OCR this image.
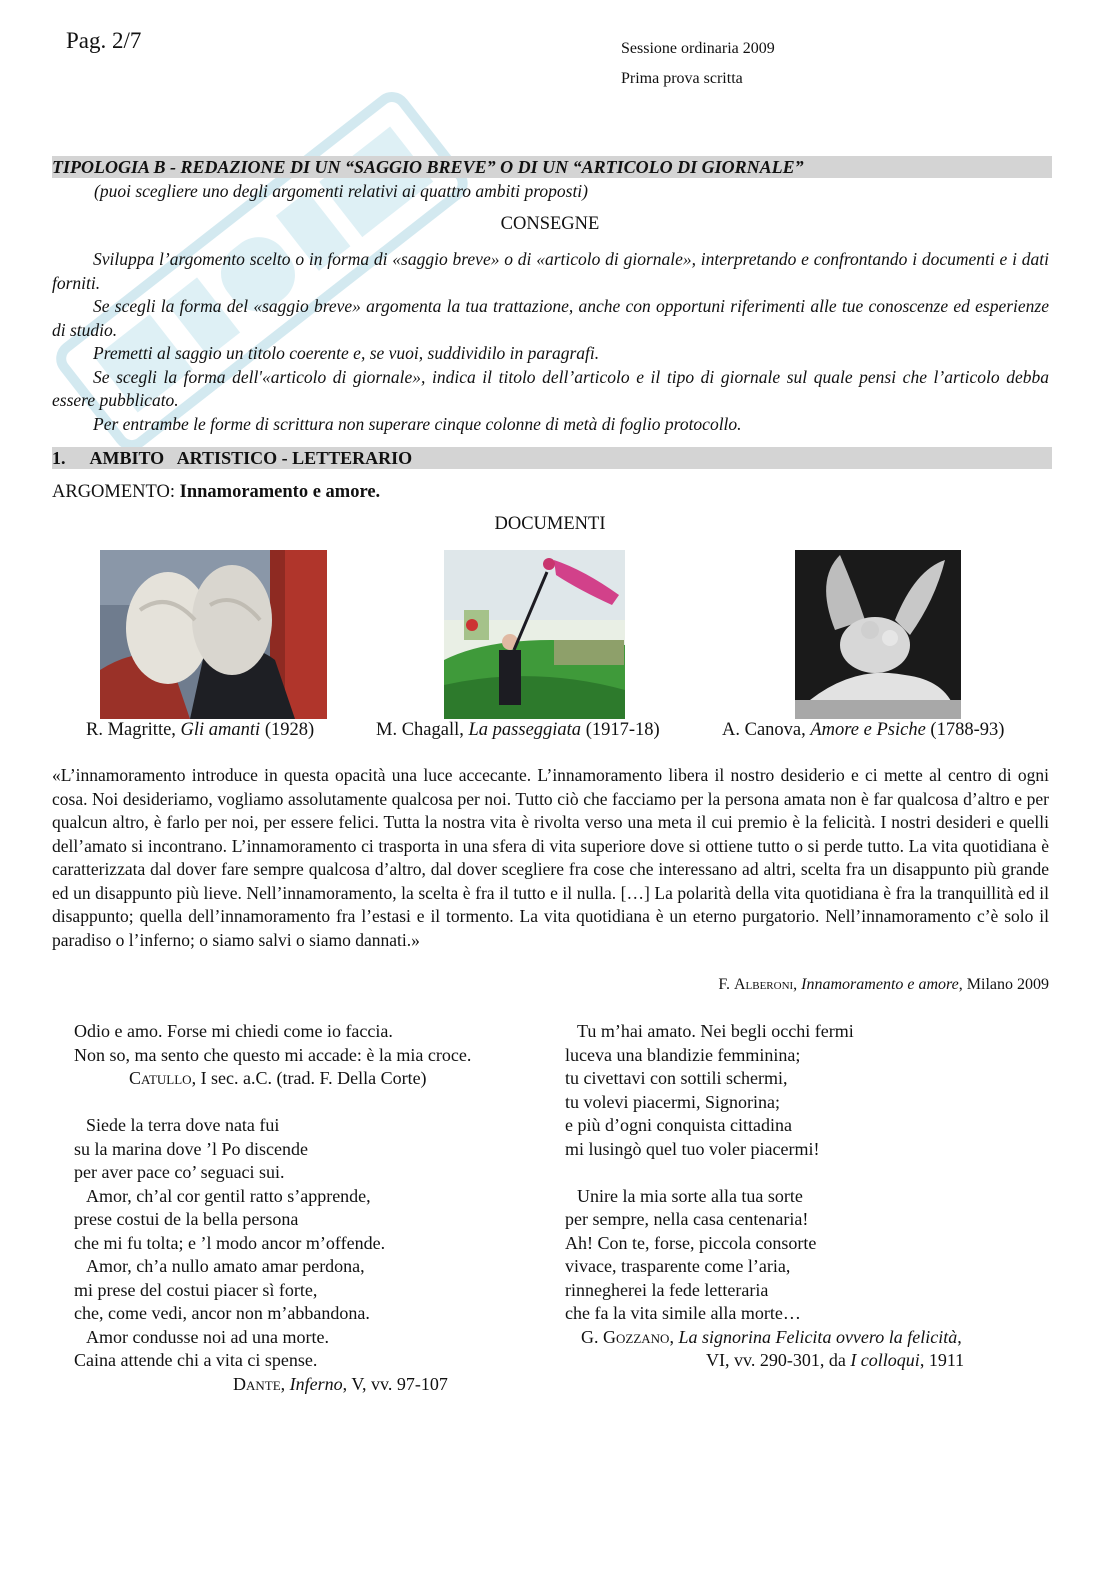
Pag. 2/7	Sessione ordinaria 2009
Prima prova scritta
TIPOLOGIA B - REDAZIONE DI UN “SAGGIO BREVE” O DI UN “ARTICOLO DI GIORNALE”
(puoi scegliere uno degli argomenti relativi ai quattro ambiti proposti)
CONSEGNE

Sviluppa l’argomento scelto o in forma di «saggio breve» o di «articolo di giornale», interpretando e confrontando i documenti e i dati forniti.

Se scegli la forma del «saggio breve» argomenta la tua trattazione, anche con opportuni riferimenti alle tue conoscenze ed esperienze di studio.

Premetti al saggio un titolo coerente e, se vuoi, suddividilo in paragrafi.

Se scegli la forma dell'«articolo di giornale», indica il titolo dell’articolo e il tipo di giornale sul quale pensi che l’articolo debba essere pubblicato.

Per entrambe le forme di scrittura non superare cinque colonne di metà di foglio protocollo.

1. AMBITO   ARTISTICO - LETTERARIO
ARGOMENTO: Innamoramento e amore.
DOCUMENTI
R. Magritte, Gli amanti (1928)	M. Chagall, La passeggiata (1917-18)	A. Canova, Amore e Psiche (1788-93)
«L’innamoramento introduce in questa opacità una luce accecante. L’innamoramento libera il nostro desiderio e ci mette al centro di ogni cosa. Noi desideriamo, vogliamo assolutamente qualcosa per noi. Tutto ciò che facciamo per la persona amata non è far qualcosa d’altro e per qualcun altro, è farlo per noi, per essere felici. Tutta la nostra vita è rivolta verso una meta il cui premio è la felicità. I nostri desideri e quelli dell’amato si incontrano. L’innamoramento ci trasporta in una sfera di vita superiore dove si ottiene tutto o si perde tutto. La vita quotidiana è caratterizzata dal dover fare sempre qualcosa d’altro, dal dover scegliere fra cose che interessano ad altri, scelta fra un disappunto più grande ed un disappunto più lieve. Nell’innamoramento, la scelta è fra il tutto e il nulla. […] La polarità della vita quotidiana è fra la tranquillità ed il disappunto; quella dell’innamoramento fra l’estasi e il tormento. La vita quotidiana è un eterno purgatorio. Nell’innamoramento c’è solo il paradiso o l’inferno; o siamo salvi o siamo dannati.»
F. Alberoni, Innamoramento e amore, Milano 2009
Odio e amo. Forse mi chiedi come io faccia.
Non so, ma sento che questo mi accade: è la mia croce.
Catullo, I sec. a.C. (trad. F. Della Corte)
Siede la terra dove nata fui
su la marina dove ’l Po discende
per aver pace co’ seguaci sui.
Amor, ch’al cor gentil ratto s’apprende,
prese costui de la bella persona
che mi fu tolta; e ’l modo ancor m’offende.
Amor, ch’a nullo amato amar perdona,
mi prese del costui piacer sì forte,
che, come vedi, ancor non m’abbandona.
Amor condusse noi ad una morte.
Caina attende chi a vita ci spense.
Dante, Inferno, V, vv. 97-107
Tu m’hai amato. Nei begli occhi fermi
luceva una blandizie femminina;
tu civettavi con sottili schermi,
tu volevi piacermi, Signorina;
e più d’ogni conquista cittadina
mi lusingò quel tuo voler piacermi!
Unire la mia sorte alla tua sorte
per sempre, nella casa centenaria!
Ah! Con te, forse, piccola consorte
vivace, trasparente come l’aria,
rinnegherei la fede letteraria
che fa la vita simile alla morte…
G. Gozzano, La signorina Felicita ovvero la felicità,
VI, vv. 290-301, da I colloqui, 1911
